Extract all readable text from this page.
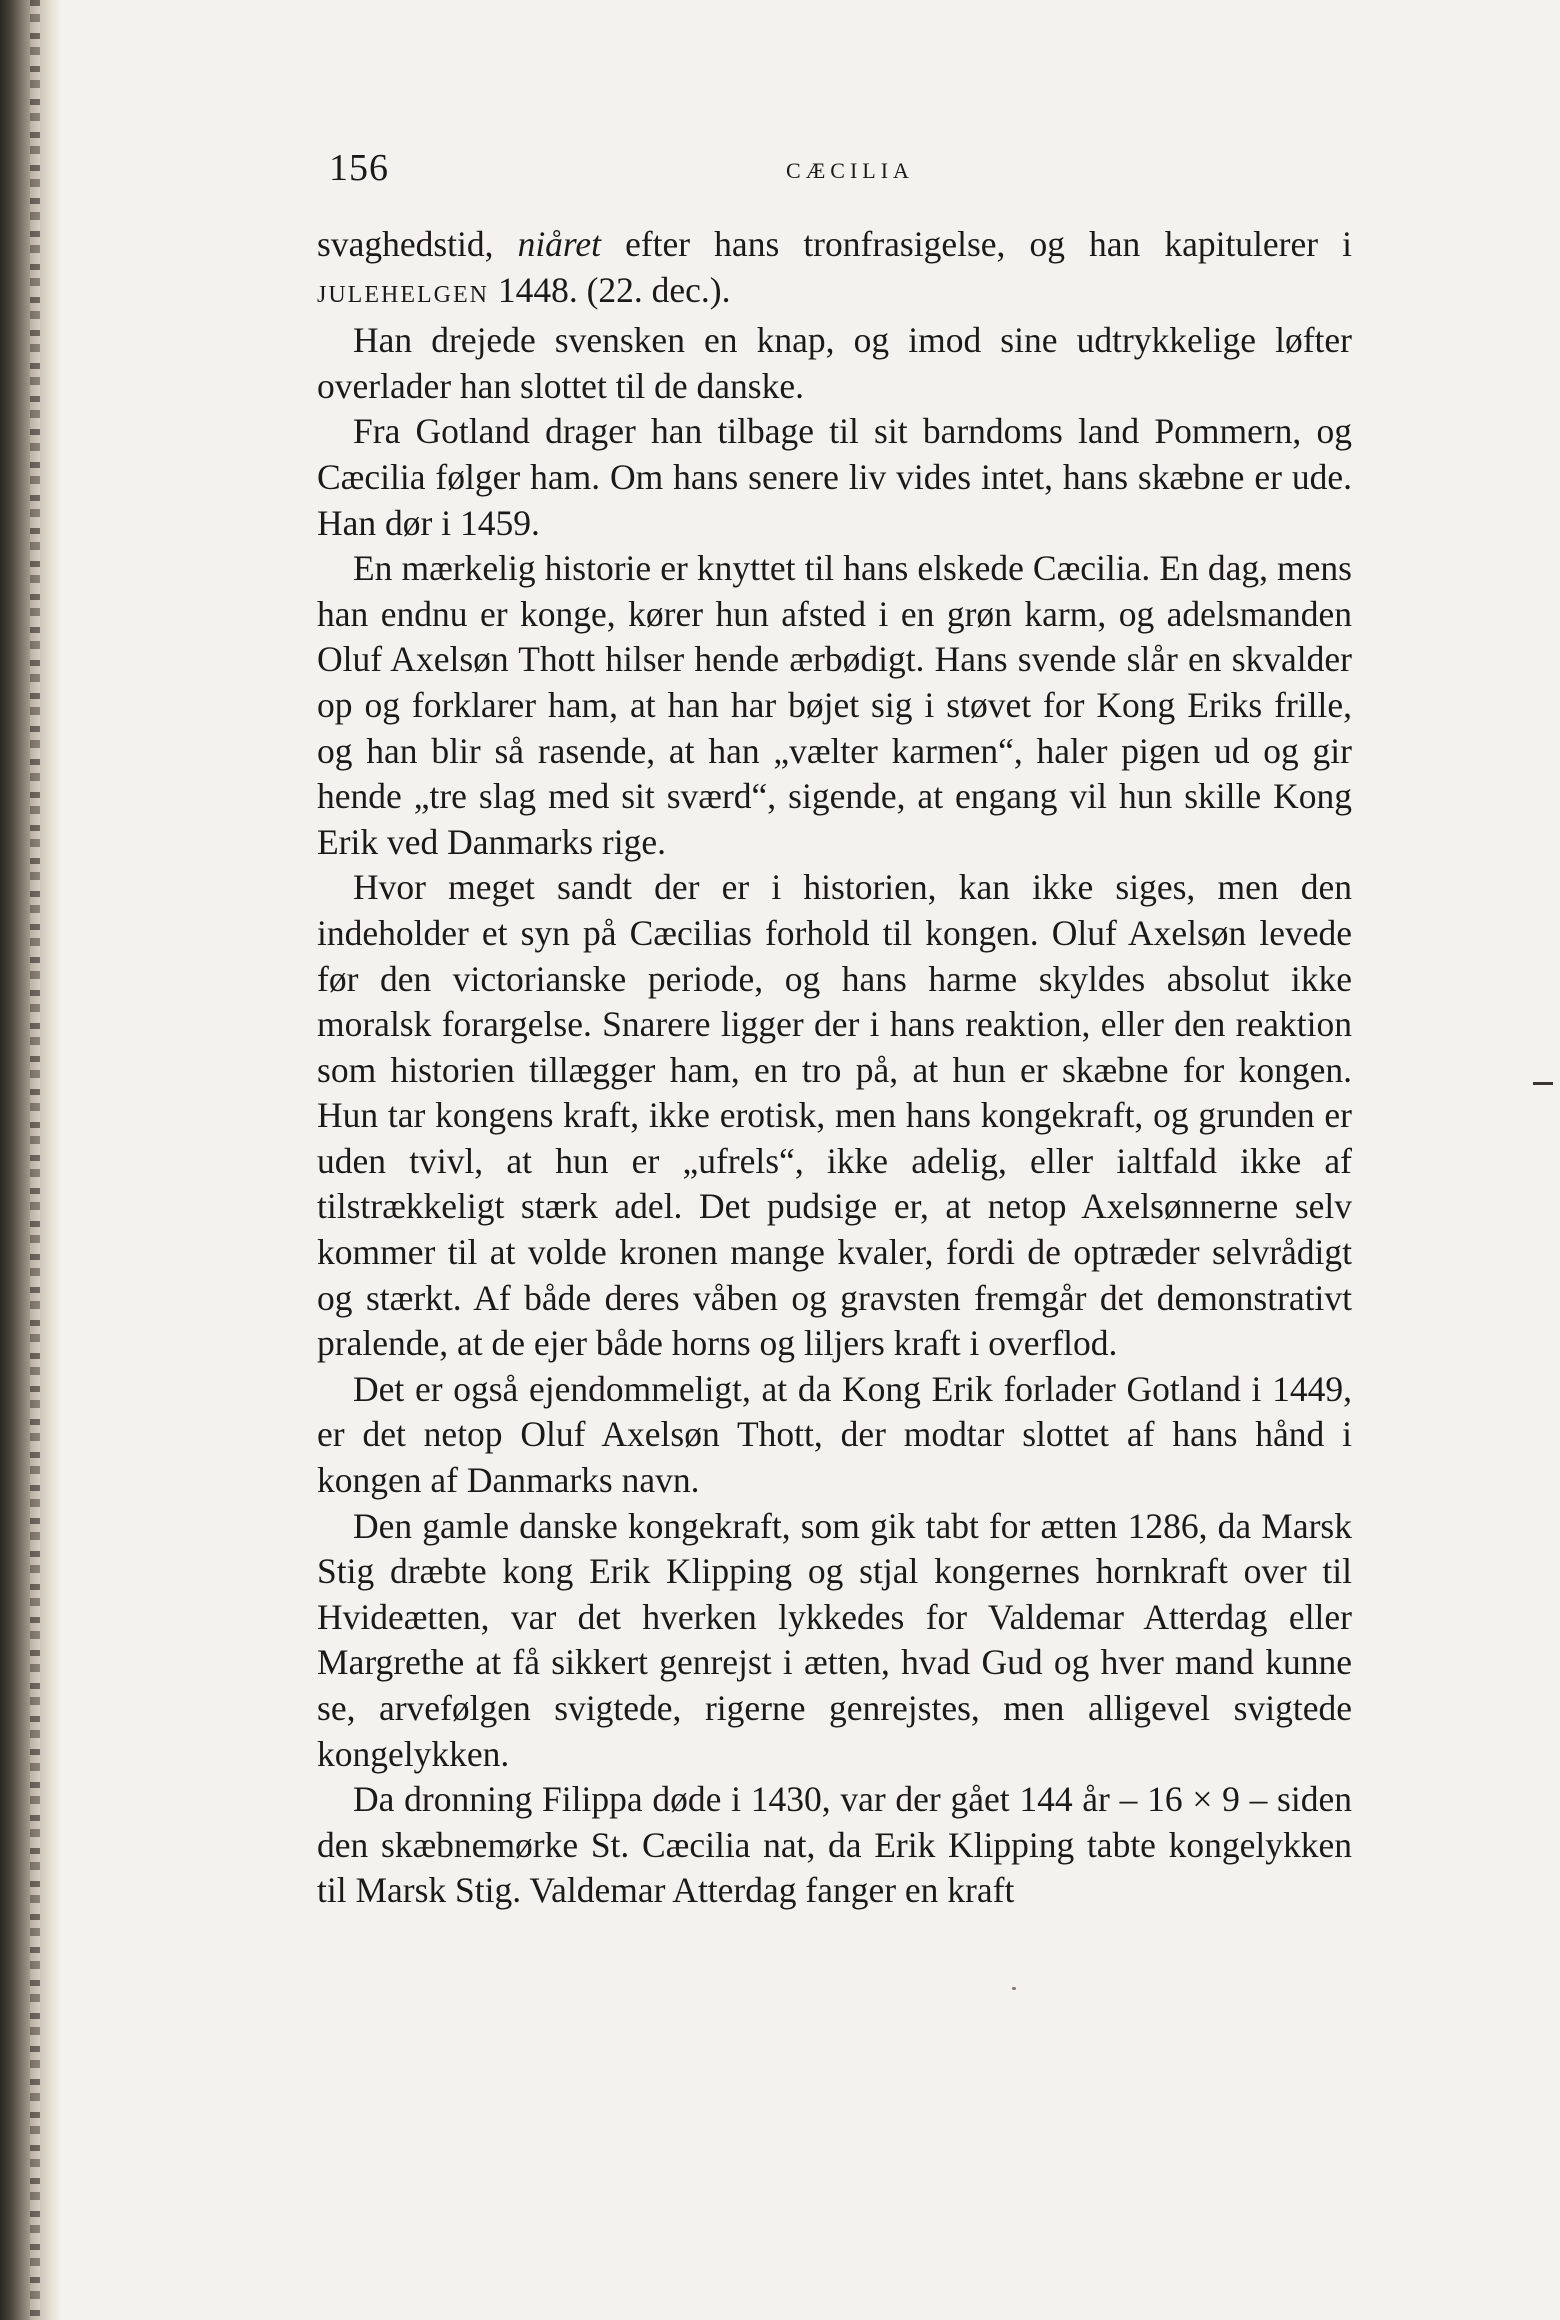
156	CÆCILIA

svaghedstid, niåret efter hans tronfrasigelse, og han kapitulerer i JULEHELGEN 1448. (22. dec.).

Han drejede svensken en knap, og imod sine udtrykkelige løfter overlader han slottet til de danske.

Fra Gotland drager han tilbage til sit barndoms land Pommern, og Cæcilia følger ham. Om hans senere liv vides intet, hans skæbne er ude. Han dør i 1459.

En mærkelig historie er knyttet til hans elskede Cæcilia. En dag, mens han endnu er konge, kører hun afsted i en grøn karm, og adelsmanden Oluf Axelsøn Thott hilser hende ærbødigt. Hans svende slår en skvalder op og forklarer ham, at han har bøjet sig i støvet for Kong Eriks frille, og han blir så rasende, at han „vælter karmen“, haler pigen ud og gir hende „tre slag med sit sværd“, sigende, at engang vil hun skille Kong Erik ved Danmarks rige.

Hvor meget sandt der er i historien, kan ikke siges, men den indeholder et syn på Cæcilias forhold til kongen. Oluf Axelsøn levede før den victorianske periode, og hans harme skyldes absolut ikke moralsk forargelse. Snarere ligger der i hans reaktion, eller den reaktion som historien tillægger ham, en tro på, at hun er skæbne for kongen. Hun tar kongens kraft, ikke erotisk, men hans kongekraft, og grunden er uden tvivl, at hun er „ufrels“, ikke adelig, eller ialtfald ikke af tilstrækkeligt stærk adel. Det pudsige er, at netop Axelsønnerne selv kommer til at volde kronen mange kvaler, fordi de optræder selvrådigt og stærkt. Af både deres våben og gravsten fremgår det demonstrativt pralende, at de ejer både horns og liljers kraft i overflod.

Det er også ejendommeligt, at da Kong Erik forlader Gotland i 1449, er det netop Oluf Axelsøn Thott, der modtar slottet af hans hånd i kongen af Danmarks navn.

Den gamle danske kongekraft, som gik tabt for ætten 1286, da Marsk Stig dræbte kong Erik Klipping og stjal kongernes hornkraft over til Hvideætten, var det hverken lykkedes for Valdemar Atterdag eller Margrethe at få sikkert genrejst i ætten, hvad Gud og hver mand kunne se, arvefølgen svigtede, rigerne genrejstes, men alligevel svigtede kongelykken.

Da dronning Filippa døde i 1430, var der gået 144 år – 16 × 9 – siden den skæbnemørke St. Cæcilia nat, da Erik Klipping tabte kongelykken til Marsk Stig. Valdemar Atterdag fanger en kraft
